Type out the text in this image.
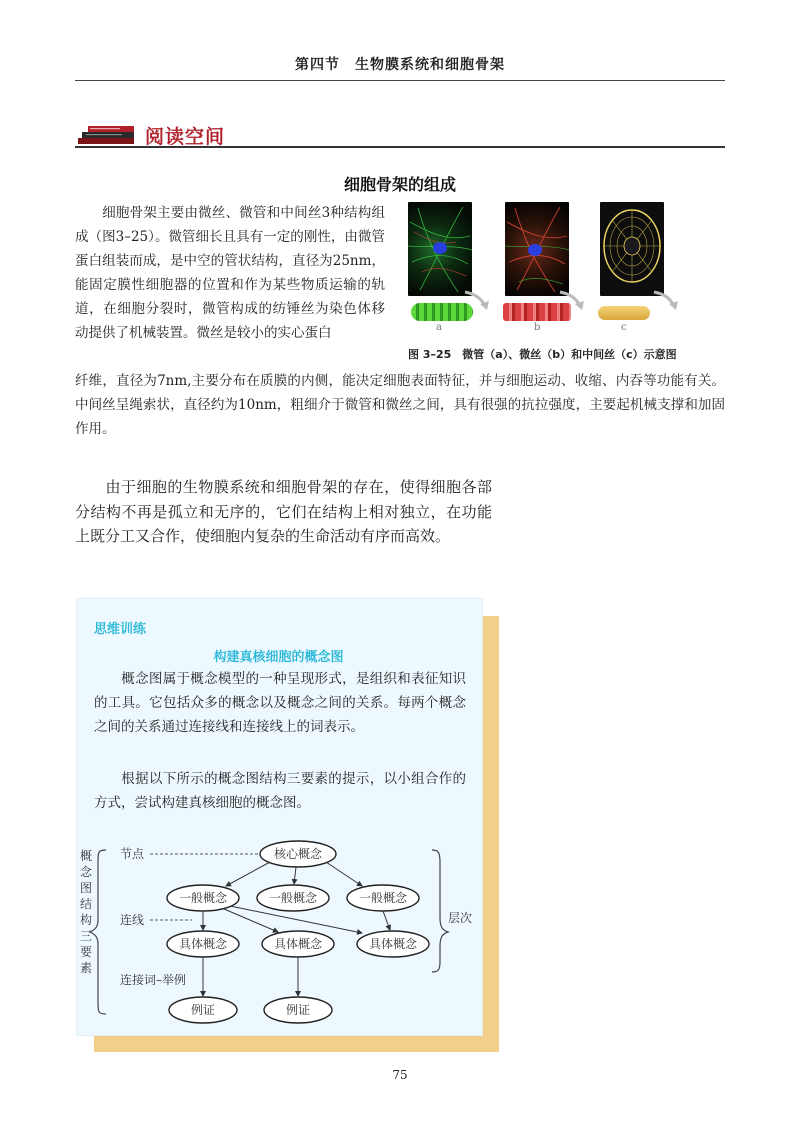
第四节　生物膜系统和细胞骨架
阅读空间
细胞骨架的组成
细胞骨架主要由微丝、微管和中间丝3种结构组成（图3–25）。微管细长且具有一定的刚性，由微管蛋白组装而成，是中空的管状结构，直径为25nm，能固定膜性细胞器的位置和作为某些物质运输的轨道，在细胞分裂时，微管构成的纺锤丝为染色体移动提供了机械装置。微丝是较小的实心蛋白	a	b	c
图 3–25　微管（a）、微丝（b）和中间丝（c）示意图
纤维，直径为7nm,主要分布在质膜的内侧，能决定细胞表面特征，并与细胞运动、收缩、内吞等功能有关。中间丝呈绳索状，直径约为10nm，粗细介于微管和微丝之间，具有很强的抗拉强度，主要起机械支撑和加固作用。
由于细胞的生物膜系统和细胞骨架的存在，使得细胞各部分结构不再是孤立和无序的，它们在结构上相对独立，在功能上既分工又合作，使细胞内复杂的生命活动有序而高效。
思维训练
构建真核细胞的概念图
概念图属于概念模型的一种呈现形式，是组织和表征知识的工具。它包括众多的概念以及概念之间的关系。每两个概念之间的关系通过连接线和连接线上的词表示。
根据以下所示的概念图结构三要素的提示，以小组合作的方式，尝试构建真核细胞的概念图。
概
念
图
结
构
三
要
素
节点
连线
连接词–举例
核心概念
一般概念	一般概念	一般概念
具体概念	具体概念	具体概念
例证	例证
层次
75
